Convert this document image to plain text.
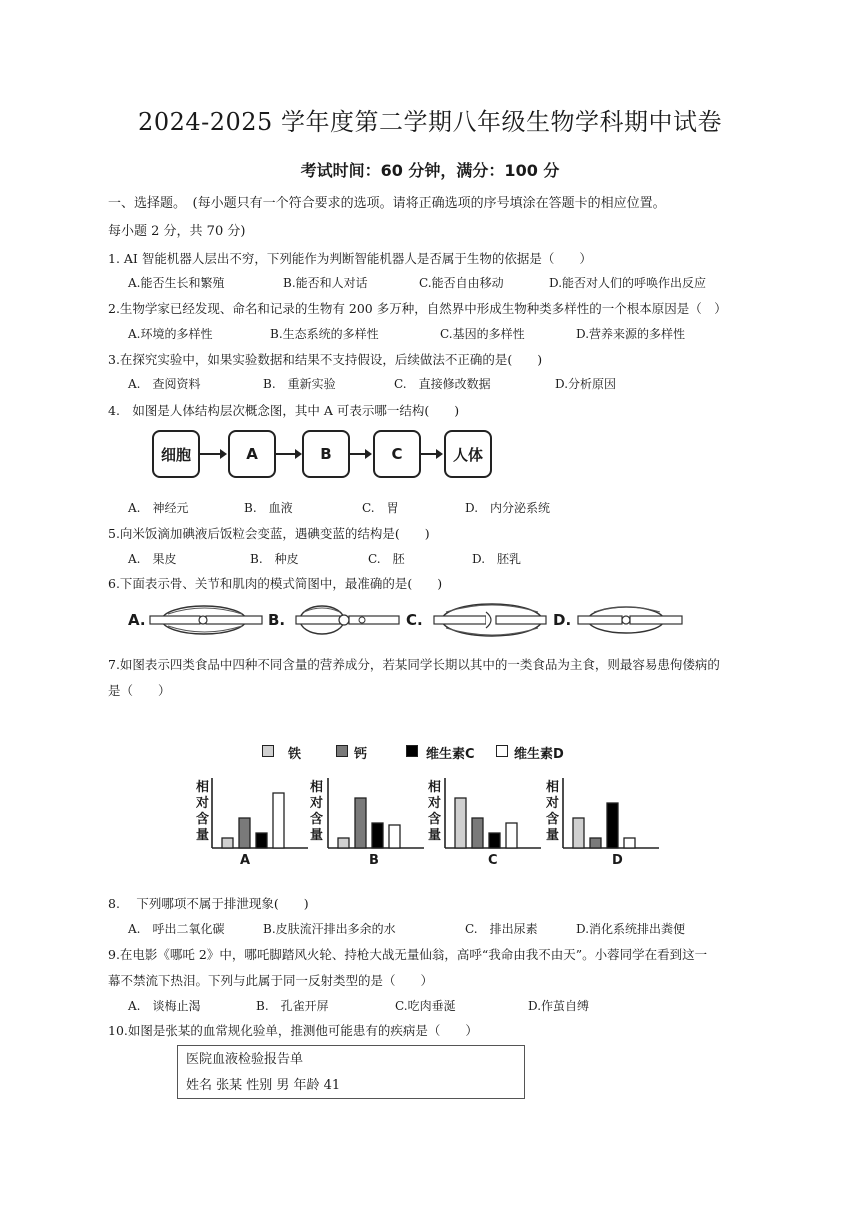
2024-2025 学年度第二学期八年级生物学科期中试卷
考试时间：60 分钟，满分：100 分
一、选择题。　(每小题只有一个符合要求的选项。请将正确选项的序号填涂在答题卡的相应位置。
每小题 2 分，共 70 分)
1. AI 智能机器人层出不穷，下列能作为判断智能机器人是否属于生物的依据是（　　）
A.能否生长和繁殖	B.能否和人对话	C.能否自由移动	D.能否对人们的呼唤作出反应
2.生物学家已经发现、命名和记录的生物有 200 多万种，自然界中形成生物种类多样性的一个根本原因是（　）
A.环境的多样性	B.生态系统的多样性	C.基因的多样性	D.营养来源的多样性
3.在探究实验中，如果实验数据和结果不支持假设，后续做法不正确的是(　　)
A.　查阅资料	B.　重新实验	C.　直接修改数据	D.分析原因
4.　如图是人体结构层次概念图，其中 A 可表示哪一结构(　　)
细胞	A	B	C	人体
A.　神经元	B.　血液	C.　胃	D.　内分泌系统
5.向米饭滴加碘液后饭粒会变蓝，遇碘变蓝的结构是(　　)
A.　果皮	B.　种皮	C.　胚	D.　胚乳
6.下面表示骨、关节和肌肉的模式简图中，最准确的是(　　)
A.	B.	C.	D.
7.如图表示四类食品中四种不同含量的营养成分，若某同学长期以其中的一类食品为主食，则最容易患佝偻病的
是（　　）
铁	钙	维生素C	维生素D
相对含量
相对含量
相对含量
相对含量
A	B	C	D
8.　 下列哪项不属于排泄现象(　　)
A.　呼出二氧化碳	B.皮肤流汗排出多余的水	C.　排出尿素	D.消化系统排出粪便
9.在电影《哪吒 2》中，哪吒脚踏风火轮、持枪大战无量仙翁，高呼“我命由我不由天”。小蓉同学在看到这一
幕不禁流下热泪。下列与此属于同一反射类型的是（　　）
A.　谈梅止渴	B.　孔雀开屏	C.吃肉垂涎	D.作茧自缚
10.如图是张某的血常规化验单，推测他可能患有的疾病是（　　）
医院血液检验报告单
姓名 张某 性别 男 年龄 41
